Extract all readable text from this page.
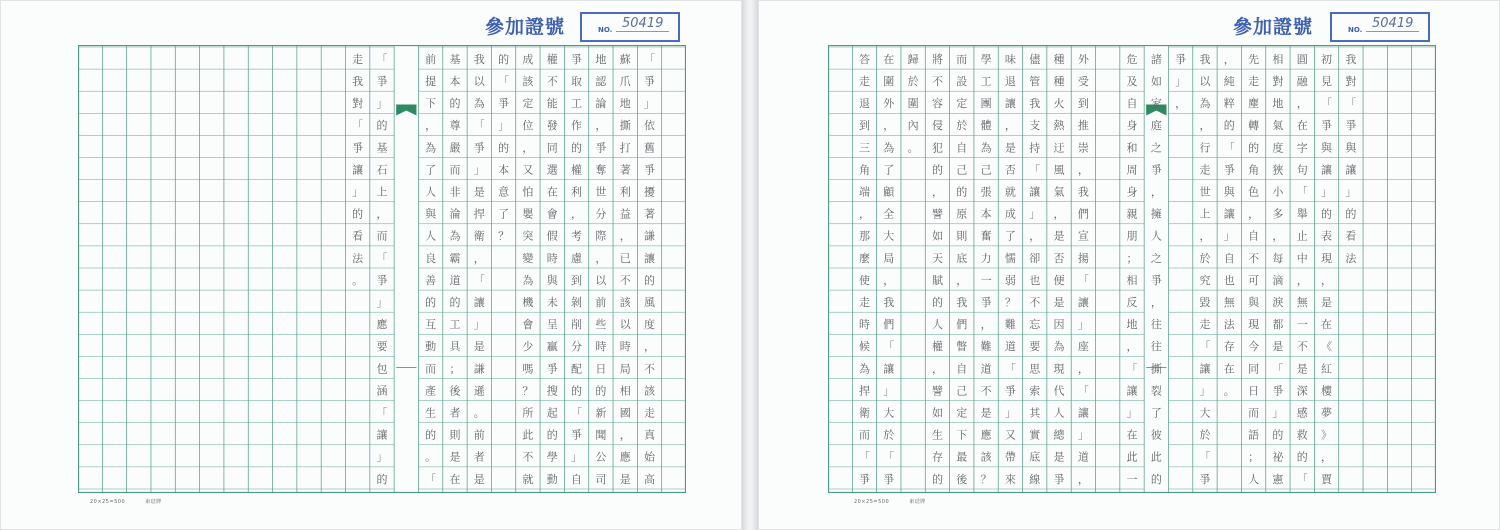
參加證號	NO. 50419
走
我
對
「
爭
讓
」
的
看
法
。
「
爭
」
的
基
石
上
，
而
「
爭
」
應
要
包
涵
「
讓
」
的
前
提
下
，
為
了
人
與
人
良
善
的
互
動
而
產
生
的
。
「
基
本
的
尊
嚴
而
非
淪
為
霸
道
的
工
具
；
後
者
則
是
在
我
以
為
「
爭
」
是
捍
衛
，
「
讓
」
是
謙
遜
。
前
者
是
的
「
爭
」
的
本
意
了
？
成
該
定
位
，
又
怕
嬰
突
變
為
機
會
少
嗎
？
所
此
不
就
權
不
能
發
同
選
在
會
假
時
與
未
呈
贏
爭
搜
起
的
學
動
爭
取
工
作
的
權
利
，
考
慮
到
剝
削
分
配
的
「
爭
」
自
地
認
論
，
爭
奪
世
分
際
，
以
前
些
時
日
的
新
聞
公
司
蘇
爪
地
撕
打
著
利
益
，
已
不
該
以
時
局
相
國
，
應
是
「
爭
」
依
舊
爭
擾
著
謙
讓
的
風
度
，
不
該
走
真
始
高
20×25=500	東琺牌
參加證號	NO. 50419
答
走
退
到
三
角
端
，
那
麼
使
走
時
候
為
捍
衛
而
「
爭
在
圍
外
，
為
了
顧
全
大
局
，
我
們
「
讓
」
大
於
「
爭
歸
於
圍
內
。
將
不
容
侵
犯
的
，
譬
如
天
賦
的
人
權
，
譬
如
生
存
的
而
設
定
於
自
己
的
原
則
底
，
我
們
瞥
自
己
定
下
最
後
學
工
團
體
為
己
張
本
奮
力
一
爭
，
難
道
不
是
應
該
？
味
退
讓
，
是
否
就
成
了
懦
弱
？
難
道
「
爭
」
又
帶
來
儘
管
我
支
持
「
讓
」
，
卻
也
不
忘
要
思
索
其
實
底
線
種
種
火
熱
迂
風
氣
，
是
否
便
是
因
為
現
代
人
總
是
爭
外
受
到
推
崇
，
我
們
宣
揚
「
讓
」
座
，
「
讓
」
道
，
危
及
自
身
和
周
身
親
朋
；
相
反
地
，
「
讓
」
在
此
一
諸
如
家
庭
之
爭
，
擁
人
之
爭
，
往
往
撕
裂
了
彼
此
的
爭
」
，
我
以
為
，
行
走
世
上
，
於
究
毀
走
「
讓
」
大
於
「
爭
，
純
粹
的
「
爭
與
讓
」
自
也
無
法
存
在
。
先
走
塵
轉
的
角
色
，
自
不
可
與
現
今
同
日
而
語
；
人
相
對
地
氣
度
狹
小
多
，
每
滴
淚
都
是
「
爭
」
的
祕
憲
圓
融
，
在
字
句
「
舉
止
中
，
無
一
不
是
深
感
救
的
「
初
見
「
爭
與
讓
」
的
表
現
，
是
在
《
紅
樓
夢
》
，
賈
我
對
「
爭
與
讓
」
的
看
法
20×25=500	東琺牌
